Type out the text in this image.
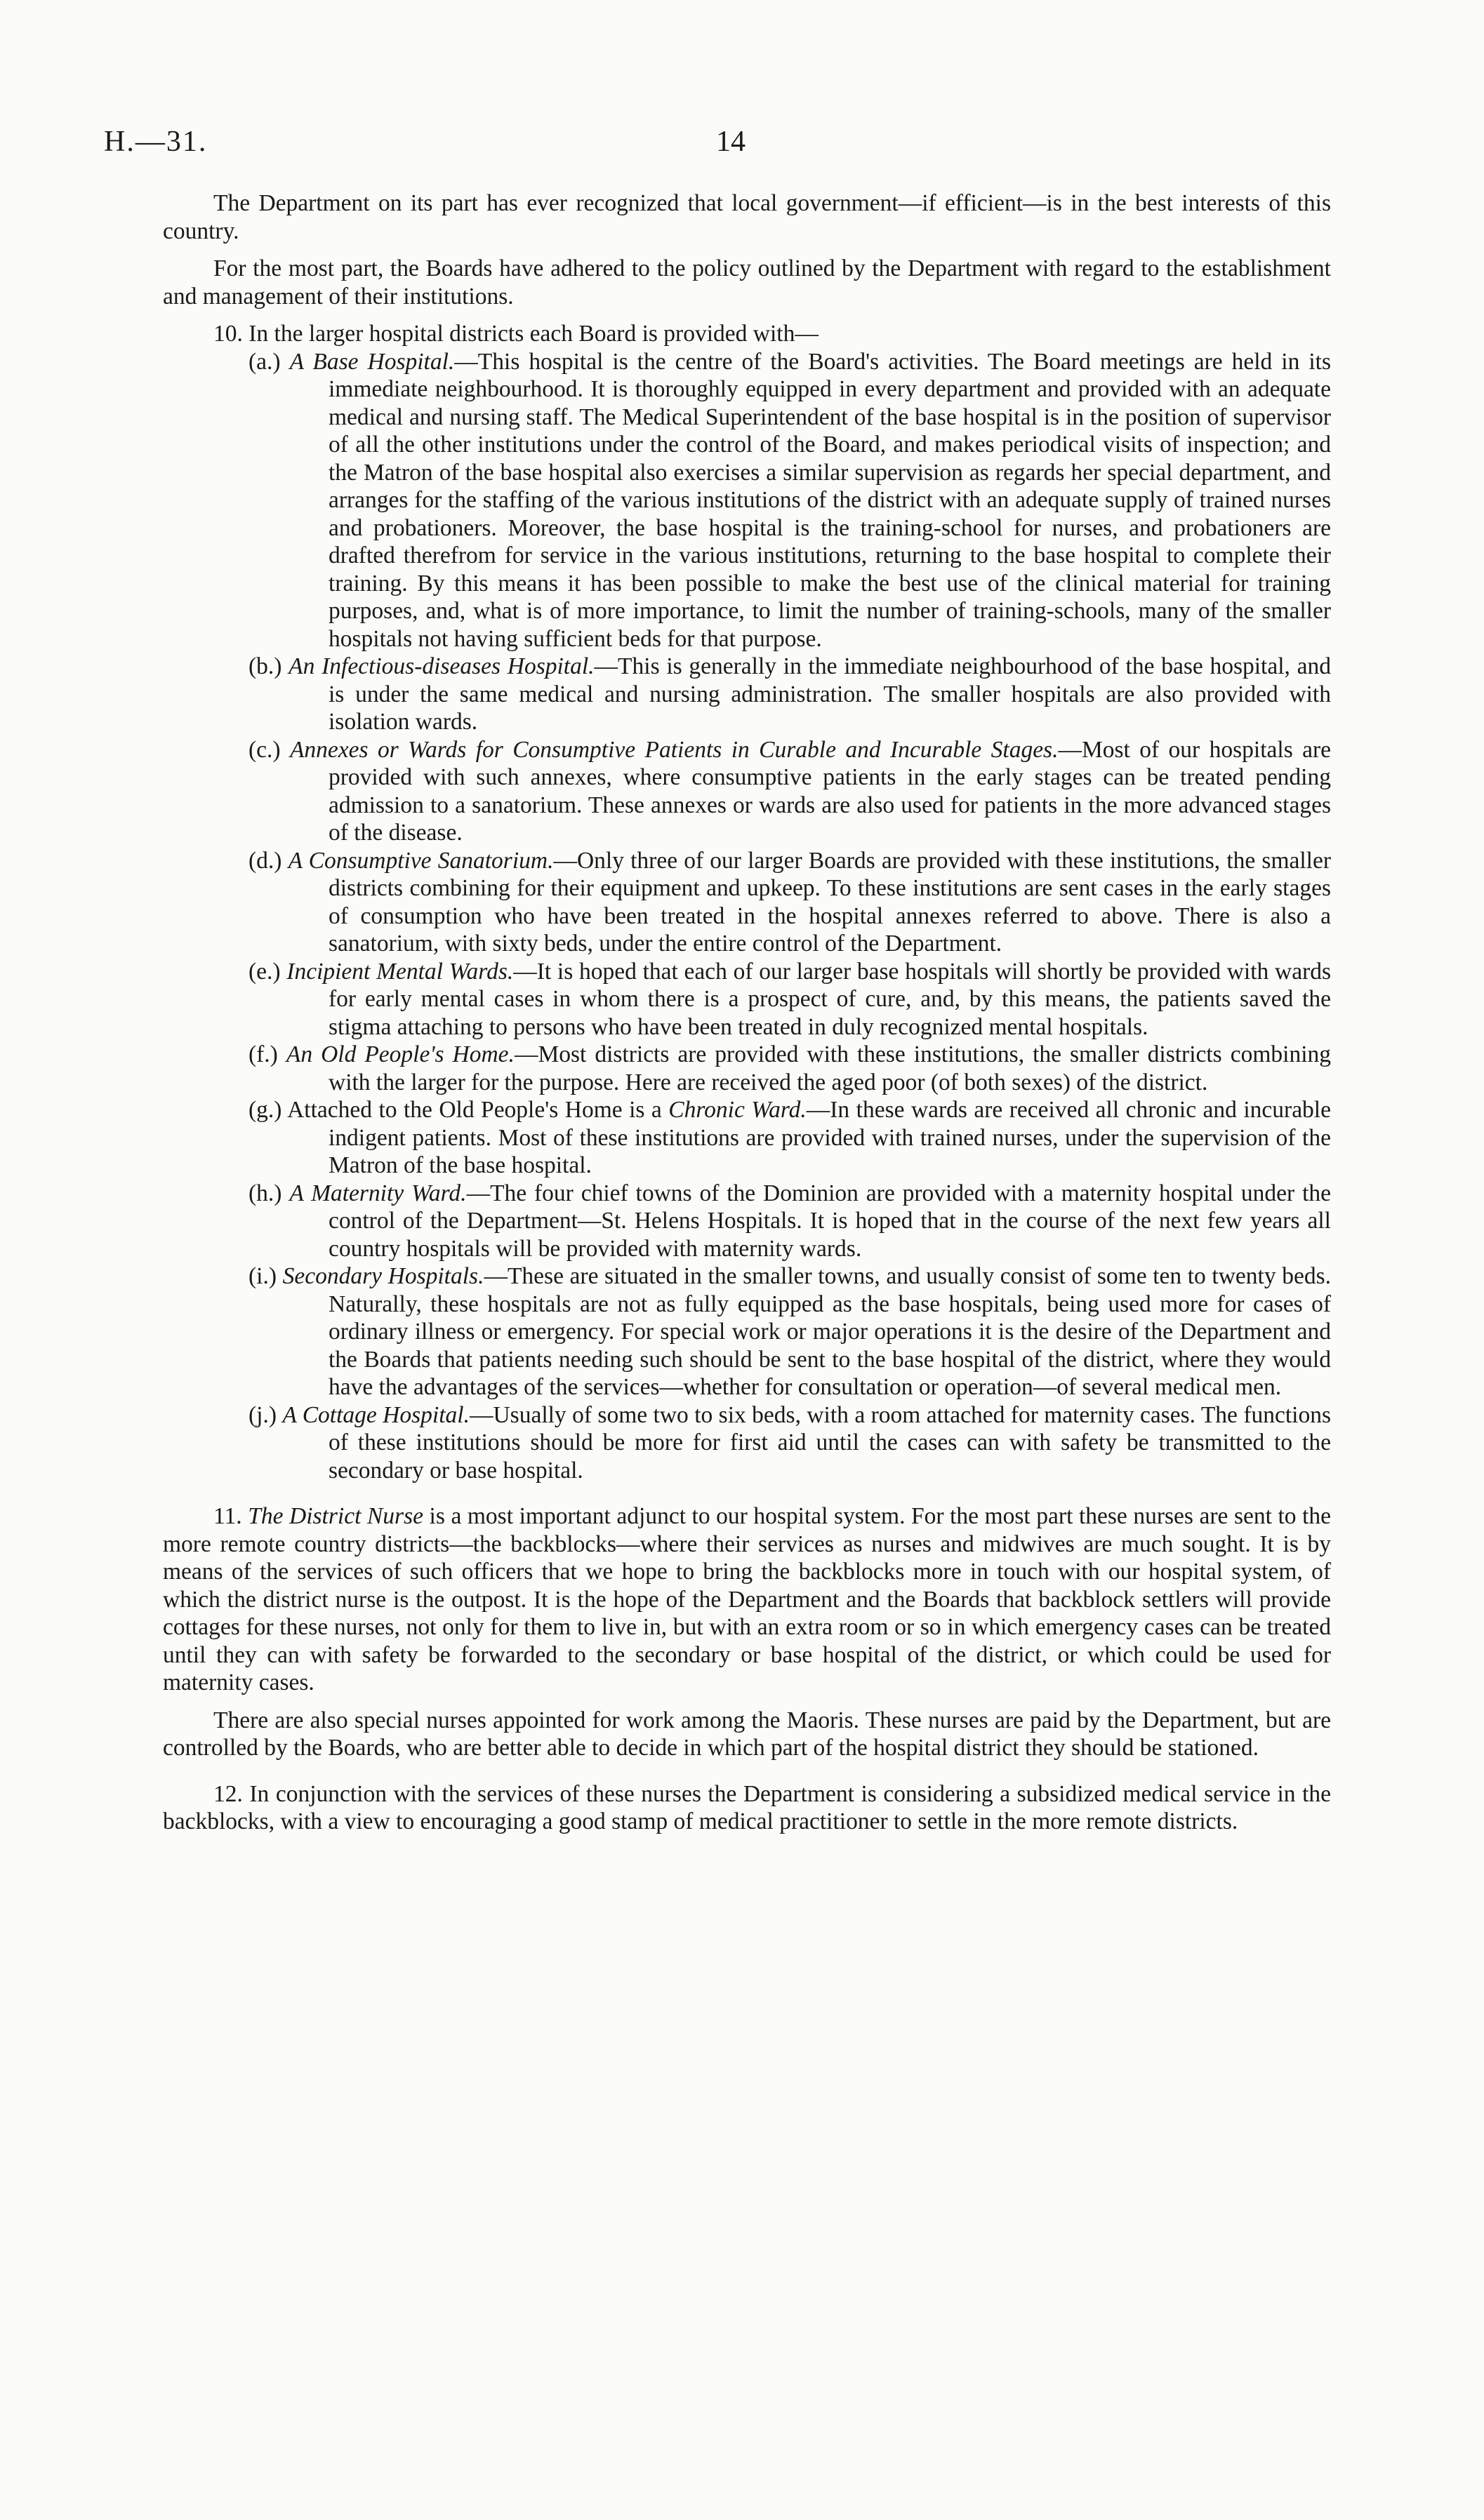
H.—31.	14

The Department on its part has ever recognized that local government—if efficient—is in the best interests of this country.

For the most part, the Boards have adhered to the policy outlined by the Department with regard to the establishment and management of their institutions.

10. In the larger hospital districts each Board is provided with—

(a.) A Base Hospital.—This hospital is the centre of the Board's activities. The Board meetings are held in its immediate neighbourhood. It is thoroughly equipped in every department and provided with an adequate medical and nursing staff. The Medical Superintendent of the base hospital is in the position of supervisor of all the other institutions under the control of the Board, and makes periodical visits of inspection; and the Matron of the base hospital also exercises a similar supervision as regards her special department, and arranges for the staffing of the various institutions of the district with an adequate supply of trained nurses and probationers. Moreover, the base hospital is the training-school for nurses, and probationers are drafted therefrom for service in the various institutions, returning to the base hospital to complete their training. By this means it has been possible to make the best use of the clinical material for training purposes, and, what is of more importance, to limit the number of training-schools, many of the smaller hospitals not having sufficient beds for that purpose.

(b.) An Infectious-diseases Hospital.—This is generally in the immediate neighbourhood of the base hospital, and is under the same medical and nursing administration. The smaller hospitals are also provided with isolation wards.

(c.) Annexes or Wards for Consumptive Patients in Curable and Incurable Stages.—Most of our hospitals are provided with such annexes, where consumptive patients in the early stages can be treated pending admission to a sanatorium. These annexes or wards are also used for patients in the more advanced stages of the disease.

(d.) A Consumptive Sanatorium.—Only three of our larger Boards are provided with these institutions, the smaller districts combining for their equipment and upkeep. To these institutions are sent cases in the early stages of consumption who have been treated in the hospital annexes referred to above. There is also a sanatorium, with sixty beds, under the entire control of the Department.

(e.) Incipient Mental Wards.—It is hoped that each of our larger base hospitals will shortly be provided with wards for early mental cases in whom there is a prospect of cure, and, by this means, the patients saved the stigma attaching to persons who have been treated in duly recognized mental hospitals.

(f.) An Old People's Home.—Most districts are provided with these institutions, the smaller districts combining with the larger for the purpose. Here are received the aged poor (of both sexes) of the district.

(g.) Attached to the Old People's Home is a Chronic Ward.—In these wards are received all chronic and incurable indigent patients. Most of these institutions are provided with trained nurses, under the supervision of the Matron of the base hospital.

(h.) A Maternity Ward.—The four chief towns of the Dominion are provided with a maternity hospital under the control of the Department—St. Helens Hospitals. It is hoped that in the course of the next few years all country hospitals will be provided with maternity wards.

(i.) Secondary Hospitals.—These are situated in the smaller towns, and usually consist of some ten to twenty beds. Naturally, these hospitals are not as fully equipped as the base hospitals, being used more for cases of ordinary illness or emergency. For special work or major operations it is the desire of the Department and the Boards that patients needing such should be sent to the base hospital of the district, where they would have the advantages of the services—whether for consultation or operation—of several medical men.

(j.) A Cottage Hospital.—Usually of some two to six beds, with a room attached for maternity cases. The functions of these institutions should be more for first aid until the cases can with safety be transmitted to the secondary or base hospital.

11. The District Nurse is a most important adjunct to our hospital system. For the most part these nurses are sent to the more remote country districts—the backblocks—where their services as nurses and midwives are much sought. It is by means of the services of such officers that we hope to bring the backblocks more in touch with our hospital system, of which the district nurse is the outpost. It is the hope of the Department and the Boards that backblock settlers will provide cottages for these nurses, not only for them to live in, but with an extra room or so in which emergency cases can be treated until they can with safety be forwarded to the secondary or base hospital of the district, or which could be used for maternity cases.

There are also special nurses appointed for work among the Maoris. These nurses are paid by the Department, but are controlled by the Boards, who are better able to decide in which part of the hospital district they should be stationed.

12. In conjunction with the services of these nurses the Department is considering a subsidized medical service in the backblocks, with a view to encouraging a good stamp of medical practitioner to settle in the more remote districts.
